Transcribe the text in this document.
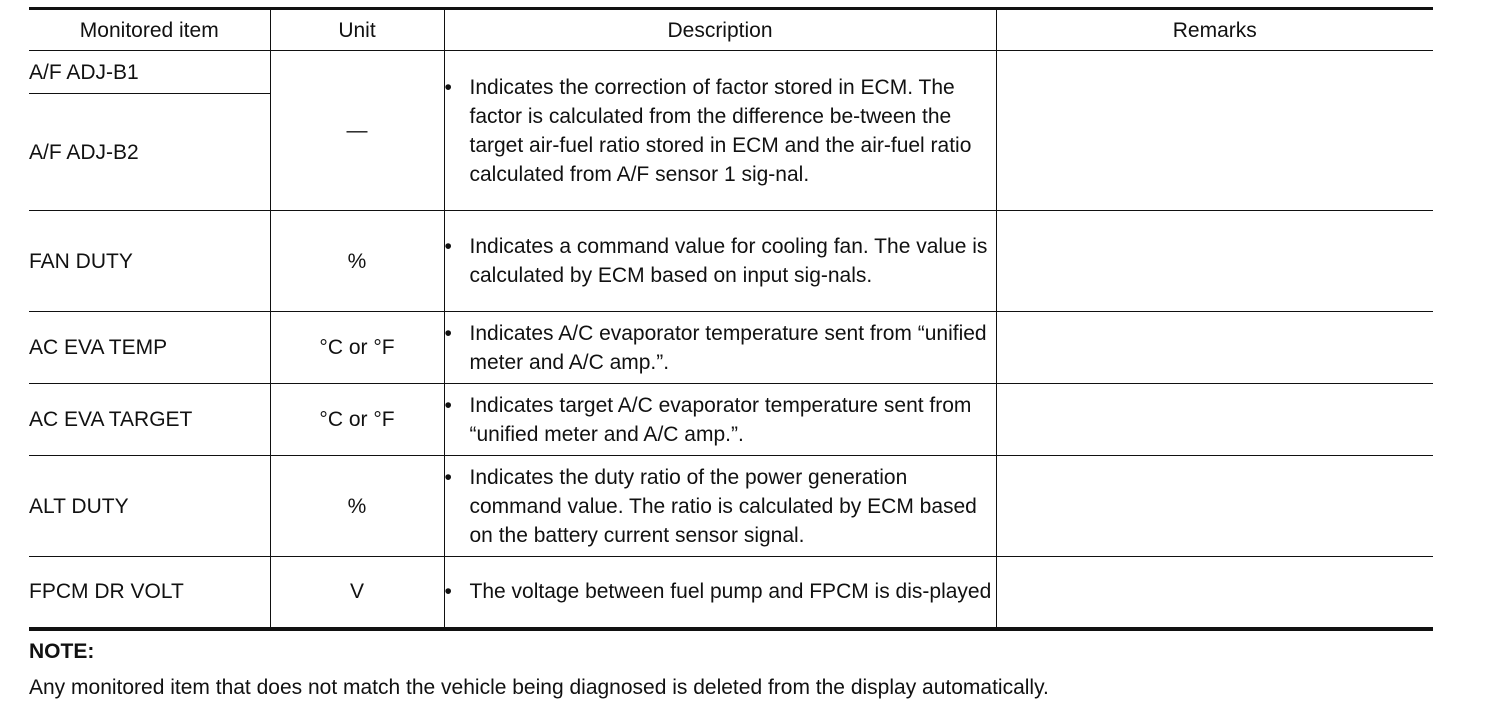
Monitored item	Unit	Description	Remarks
A/F ADJ-B1	—	• Indicates the correction of factor stored in ECM. The factor is calculated from the difference be-tween the target air-fuel ratio stored in ECM and the air-fuel ratio calculated from A/F sensor 1 sig-nal.	

A/F ADJ-B2			
FAN DUTY	%	• Indicates a command value for cooling fan. The value is calculated by ECM based on input sig-nals.	

AC EVA TEMP	°C or °F	• Indicates A/C evaporator temperature sent from “unified meter and A/C amp.”.	

AC EVA TARGET	°C or °F	• Indicates target A/C evaporator temperature sent from “unified meter and A/C amp.”.	

ALT DUTY	%	• Indicates the duty ratio of the power generation command value. The ratio is calculated by ECM based on the battery current sensor signal.	

FPCM DR VOLT	V	• The voltage between fuel pump and FPCM is dis-played	

NOTE:
Any monitored item that does not match the vehicle being diagnosed is deleted from the display automatically.
